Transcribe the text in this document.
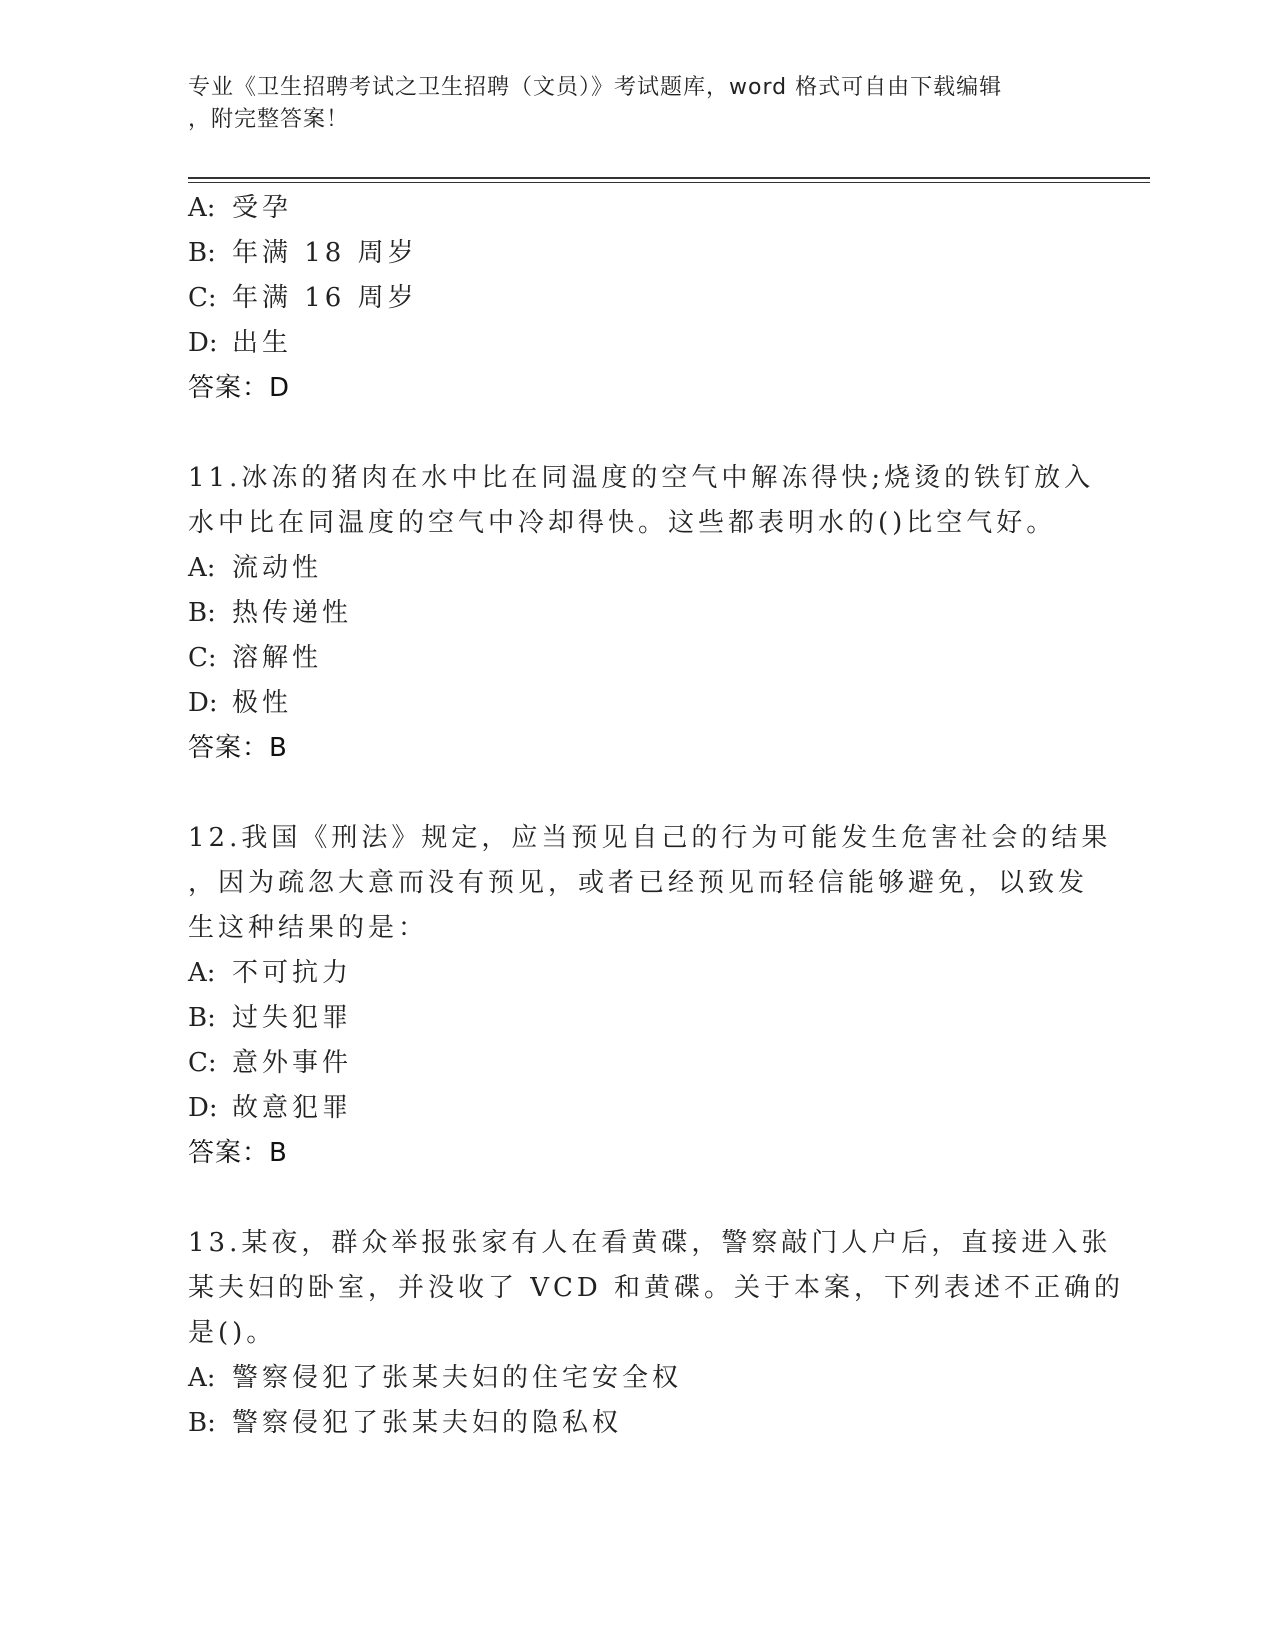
专业《卫生招聘考试之卫生招聘（文员）》考试题库，word 格式可自由下载编辑
，附完整答案！
A: 受孕
B: 年满 18 周岁
C: 年满 16 周岁
D: 出生
答案：D
11.冰冻的猪肉在水中比在同温度的空气中解冻得快;烧烫的铁钉放入
水中比在同温度的空气中冷却得快。这些都表明水的()比空气好。
A: 流动性
B: 热传递性
C: 溶解性
D: 极性
答案：B
12.我国《刑法》规定，应当预见自己的行为可能发生危害社会的结果
，因为疏忽大意而没有预见，或者已经预见而轻信能够避免，以致发
生这种结果的是：
A: 不可抗力
B: 过失犯罪
C: 意外事件
D: 故意犯罪
答案：B
13.某夜，群众举报张家有人在看黄碟，警察敲门人户后，直接进入张
某夫妇的卧室，并没收了 VCD 和黄碟。关于本案，下列表述不正确的
是()。
A: 警察侵犯了张某夫妇的住宅安全权
B: 警察侵犯了张某夫妇的隐私权
